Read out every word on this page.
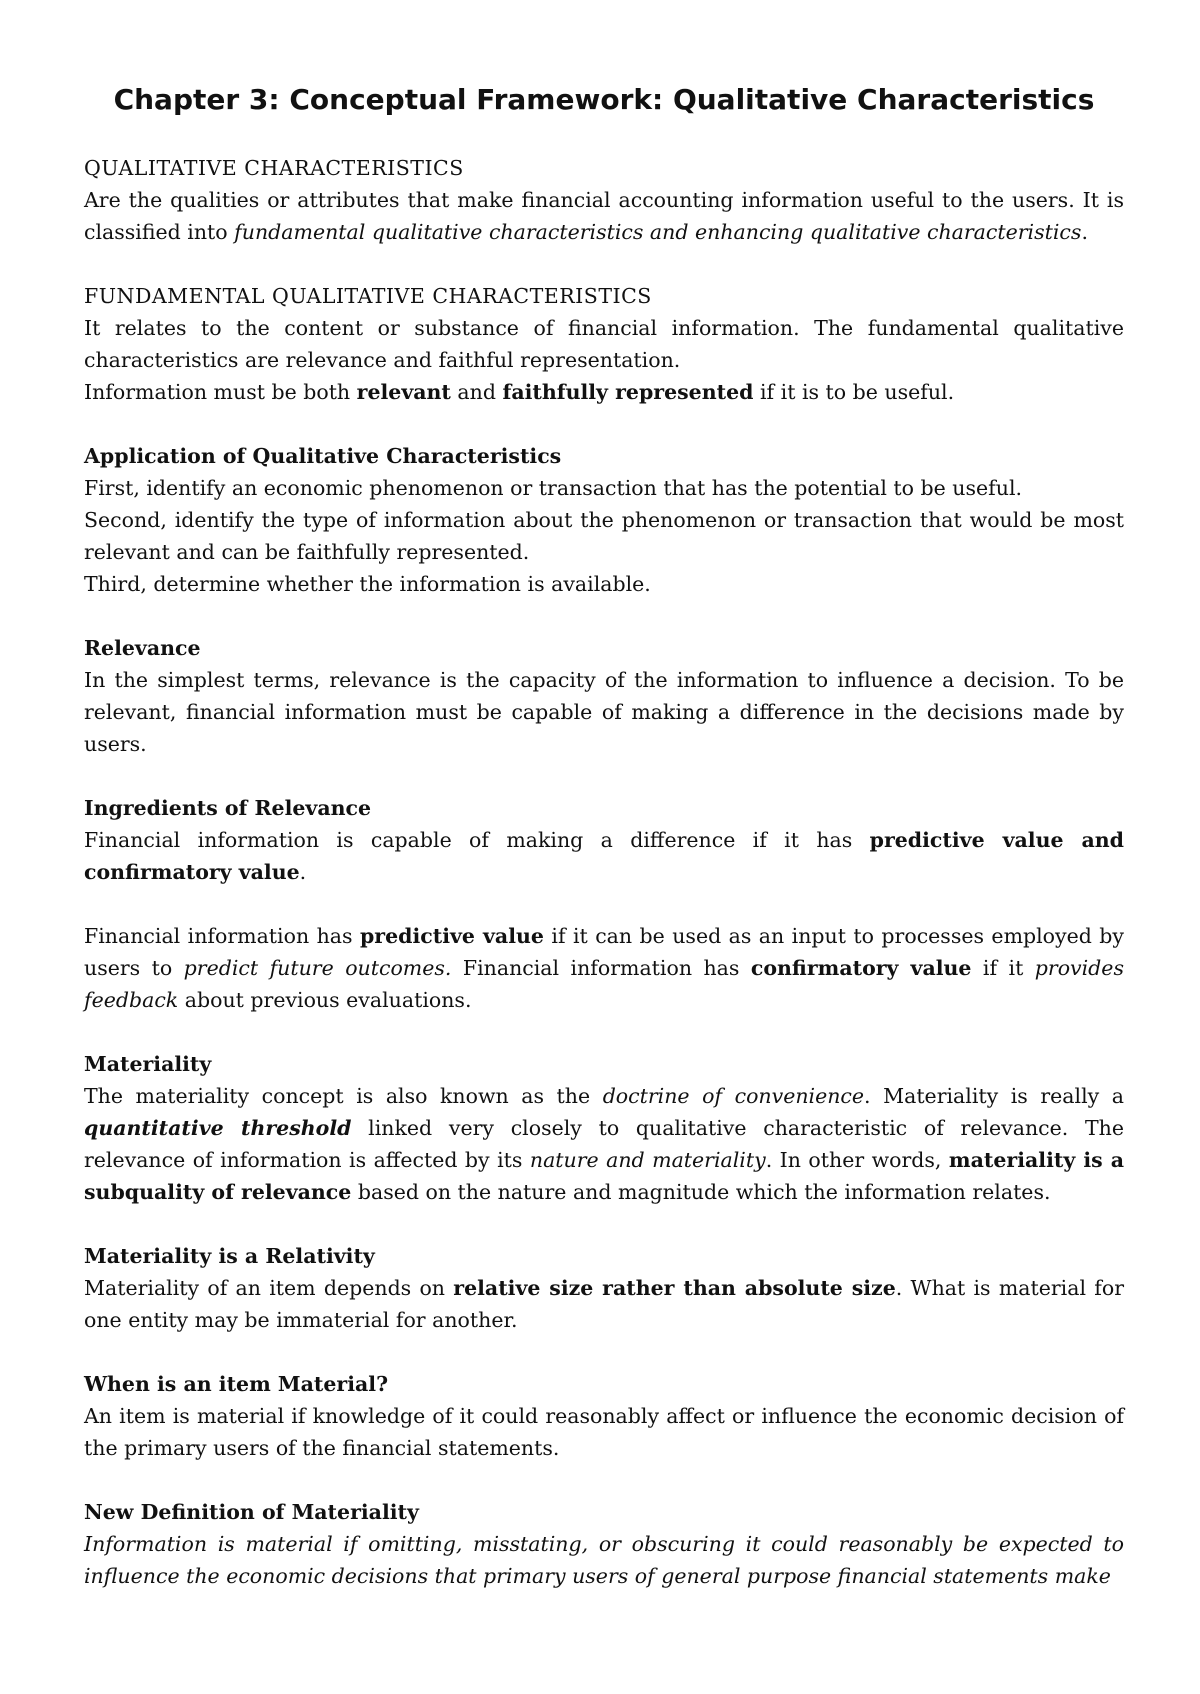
Chapter 3: Conceptual Framework: Qualitative Characteristics
QUALITATIVE CHARACTERISTICS

Are the qualities or attributes that make financial accounting information useful to the users. It is classified into fundamental qualitative characteristics and enhancing qualitative characteristics.

FUNDAMENTAL QUALITATIVE CHARACTERISTICS

It relates to the content or substance of financial information. The fundamental qualitative characteristics are relevance and faithful representation.

Information must be both relevant and faithfully represented if it is to be useful.

Application of Qualitative Characteristics

First, identify an economic phenomenon or transaction that has the potential to be useful.

Second, identify the type of information about the phenomenon or transaction that would be most relevant and can be faithfully represented.

Third, determine whether the information is available.

Relevance

In the simplest terms, relevance is the capacity of the information to influence a decision. To be relevant, financial information must be capable of making a difference in the decisions made by users.

Ingredients of Relevance

Financial information is capable of making a difference if it has predictive value and confirmatory value.

Financial information has predictive value if it can be used as an input to processes employed by users to predict future outcomes. Financial information has confirmatory value if it provides feedback about previous evaluations.

Materiality

The materiality concept is also known as the doctrine of convenience. Materiality is really a quantitative threshold linked very closely to qualitative characteristic of relevance. The relevance of information is affected by its nature and materiality. In other words, materiality is a subquality of relevance based on the nature and magnitude which the information relates.

Materiality is a Relativity

Materiality of an item depends on relative size rather than absolute size. What is material for one entity may be immaterial for another.

When is an item Material?

An item is material if knowledge of it could reasonably affect or influence the economic decision of the primary users of the financial statements.

New Definition of Materiality

Information is material if omitting, misstating, or obscuring it could reasonably be expected to influence the economic decisions that primary users of general purpose financial statements make
